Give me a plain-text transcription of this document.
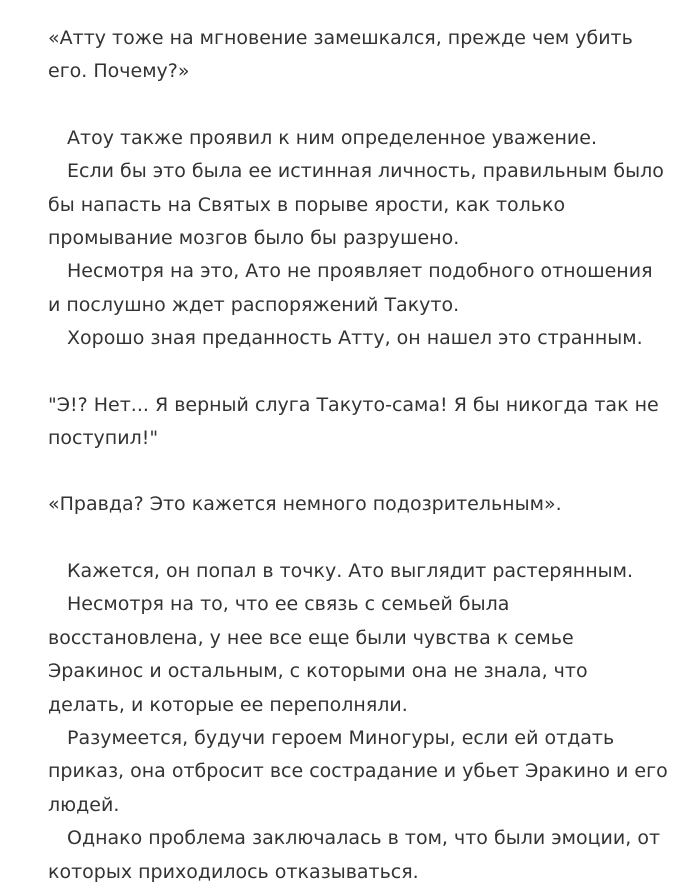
«Атту тоже на мгновение замешкался, прежде чем убить его. Почему?»

Атоу также проявил к ним определенное уважение.

Если бы это была ее истинная личность, правильным было бы напасть на Святых в порыве ярости, как только промывание мозгов было бы разрушено.

Несмотря на это, Ато не проявляет подобного отношения и послушно ждет распоряжений Такуто.

Хорошо зная преданность Атту, он нашел это странным.

"Э!? Нет... Я верный слуга Такуто-сама! Я бы никогда так не поступил!"

«Правда? Это кажется немного подозрительным».

Кажется, он попал в точку. Ато выглядит растерянным.

Несмотря на то, что ее связь с семьей была восстановлена, у нее все еще были чувства к семье Эракинос и остальным, с которыми она не знала, что делать, и которые ее переполняли.

Разумеется, будучи героем Миногуры, если ей отдать приказ, она отбросит все сострадание и убьет Эракино и его людей.

Однако проблема заключалась в том, что были эмоции, от которых приходилось отказываться.
